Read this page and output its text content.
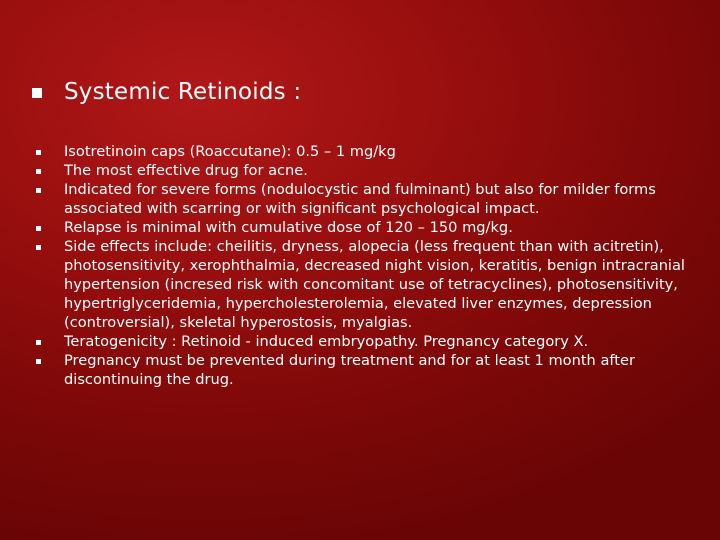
Systemic Retinoids :
Isotretinoin caps (Roaccutane): 0.5 – 1 mg/kg
The most effective drug for acne.
Indicated for severe forms (nodulocystic and fulminant) but also for milder forms associated with scarring or with significant psychological impact.
Relapse is minimal with cumulative dose of 120 – 150 mg/kg.
Side effects include: cheilitis, dryness, alopecia (less frequent than with acitretin), photosensitivity, xerophthalmia, decreased night vision, keratitis, benign intracranial hypertension (incresed risk with concomitant use of tetracyclines), photosensitivity, hypertriglyceridemia, hypercholesterolemia, elevated liver enzymes, depression (controversial), skeletal hyperostosis, myalgias.
Teratogenicity : Retinoid - induced embryopathy. Pregnancy category X.
Pregnancy must be prevented during treatment and for at least 1 month after discontinuing the drug.
